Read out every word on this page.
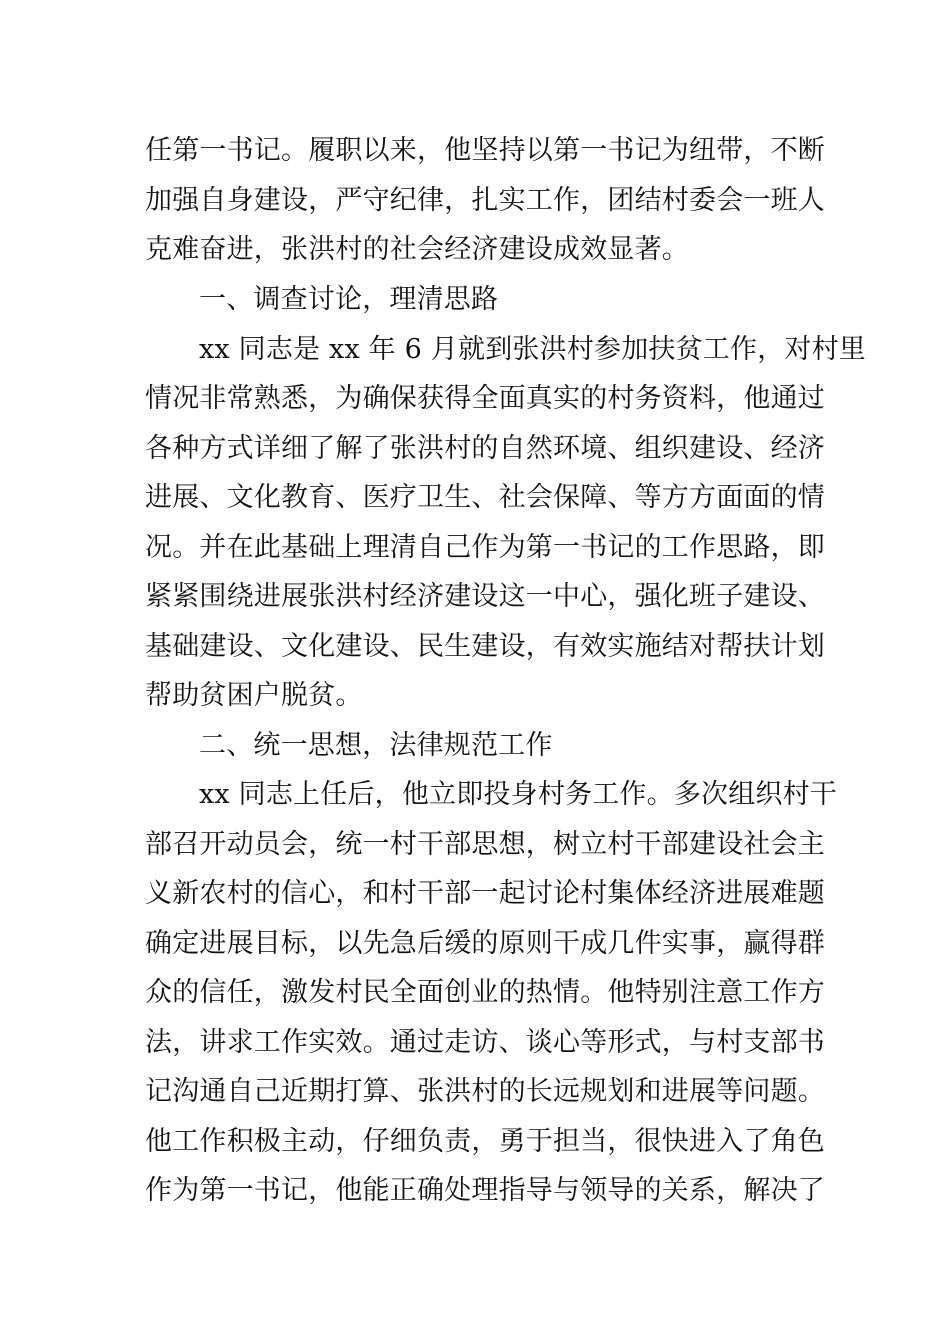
任第一书记。履职以来，他坚持以第一书记为纽带，不断
加强自身建设，严守纪律，扎实工作，团结村委会一班人
克难奋进，张洪村的社会经济建设成效显著。
一、调查讨论，理清思路
xx 同志是 xx 年 6 月就到张洪村参加扶贫工作，对村里
情况非常熟悉，为确保获得全面真实的村务资料，他通过
各种方式详细了解了张洪村的自然环境、组织建设、经济
进展、文化教育、医疗卫生、社会保障、等方方面面的情
况。并在此基础上理清自己作为第一书记的工作思路，即
紧紧围绕进展张洪村经济建设这一中心，强化班子建设、
基础建设、文化建设、民生建设，有效实施结对帮扶计划
帮助贫困户脱贫。
二、统一思想，法律规范工作
xx 同志上任后，他立即投身村务工作。多次组织村干
部召开动员会，统一村干部思想，树立村干部建设社会主
义新农村的信心，和村干部一起讨论村集体经济进展难题
确定进展目标，以先急后缓的原则干成几件实事，赢得群
众的信任，激发村民全面创业的热情。他特别注意工作方
法，讲求工作实效。通过走访、谈心等形式，与村支部书
记沟通自己近期打算、张洪村的长远规划和进展等问题。
他工作积极主动，仔细负责，勇于担当，很快进入了角色
作为第一书记，他能正确处理指导与领导的关系，解决了
